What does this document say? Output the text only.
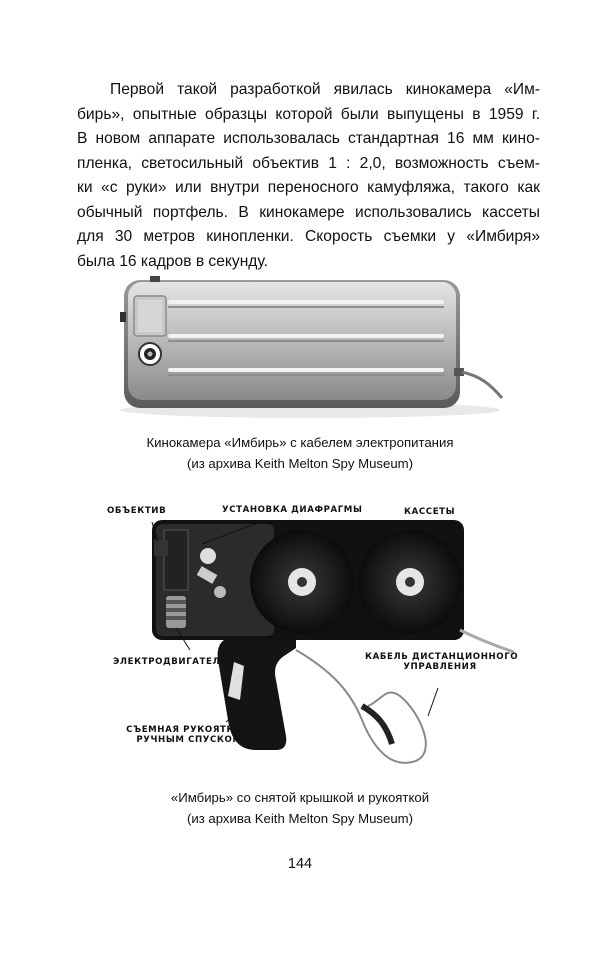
Первой такой разработкой явилась кинокамера «Им-
бирь», опытные образцы которой были выпущены в 1959 г.
В новом аппарате использовалась стандартная 16 мм кино-
пленка, светосильный объектив 1 : 2,0, возможность съем-
ки «с руки» или внутри переносного камуфляжа, такого как
обычный портфель. В кинокамере использовались кассеты
для 30 метров кинопленки. Скорость съемки у «Имбиря»
была 16 кадров в секунду.
Кинокамера «Имбирь» с кабелем электропитания
(из архива Keith Melton Spy Museum)
ОБЪЕКТИВ	УСТАНОВКА ДИАФРАГМЫ	КАССЕТЫ
ЭЛЕКТРОДВИГАТЕЛЬ	КАБЕЛЬ ДИСТАНЦИОННОГО
УПРАВЛЕНИЯ
СЪЕМНАЯ РУКОЯТКА С
РУЧНЫМ СПУСКОМ
«Имбирь» со снятой крышкой и рукояткой
(из архива Keith Melton Spy Museum)
144
